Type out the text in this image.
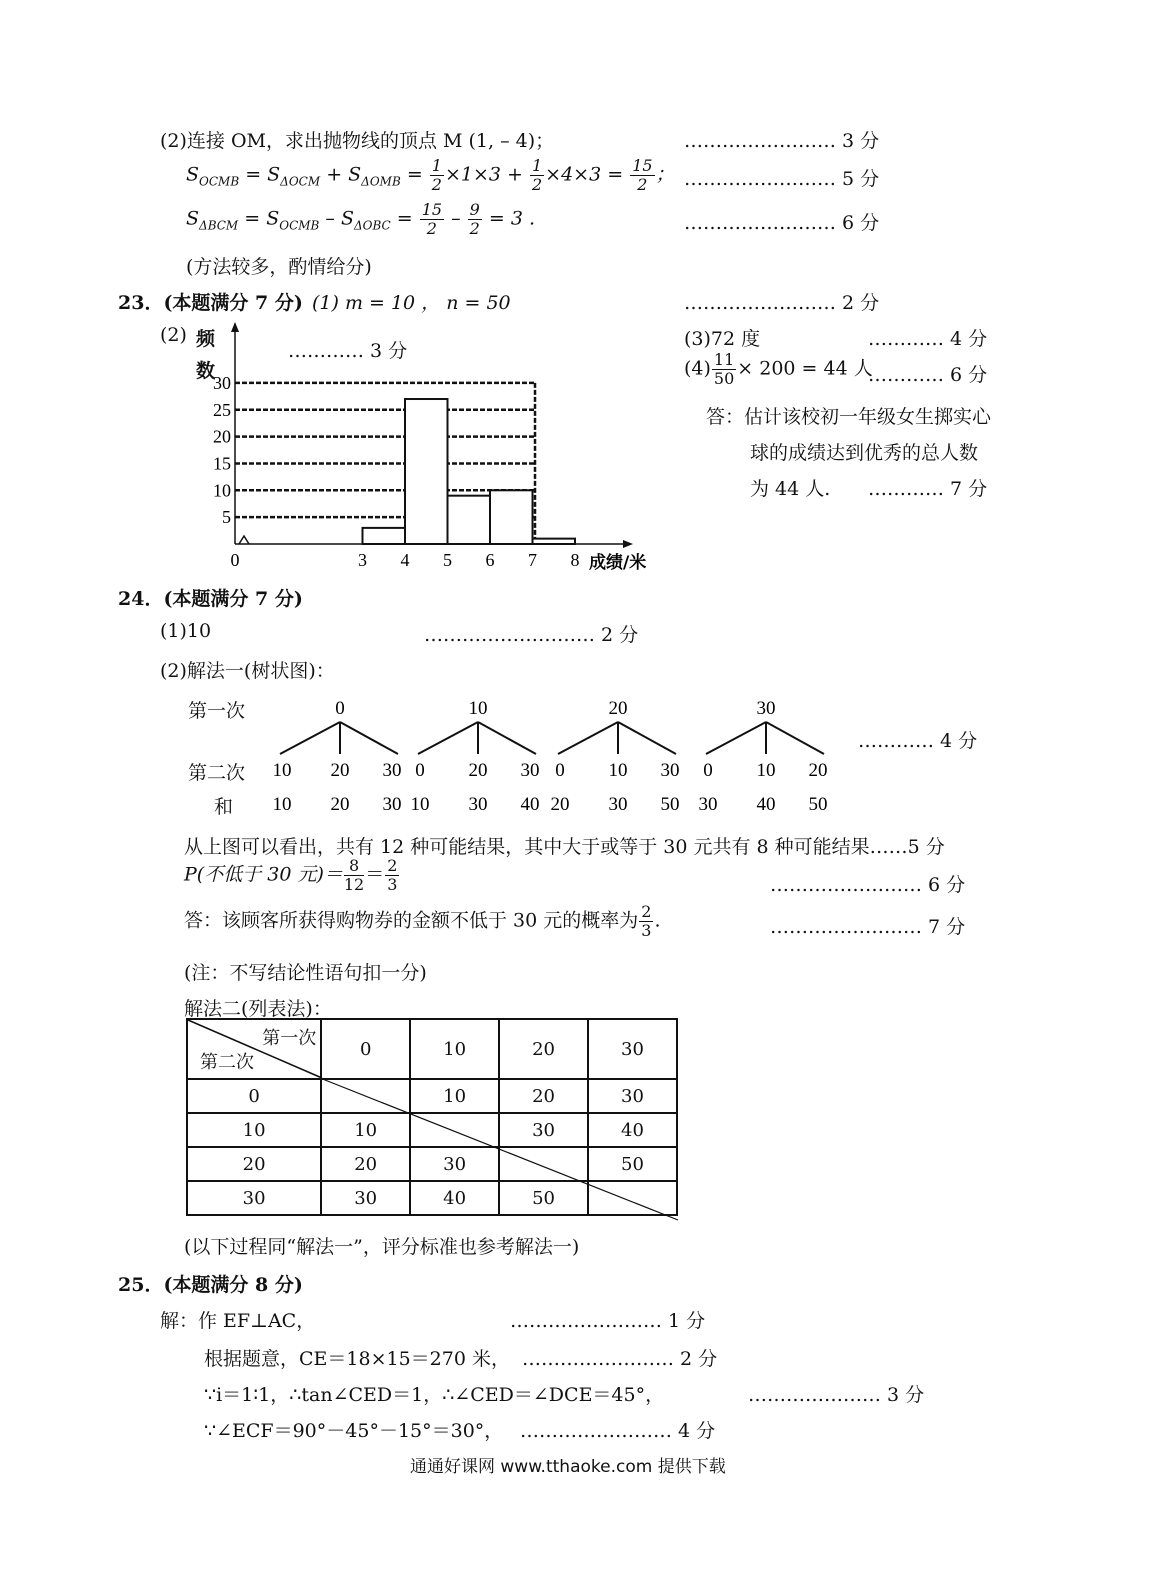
(2)连接 OM，求出抛物线的顶点 M (1, – 4)；	…………………… 3 分
$S_{OCMB} = S_{\Delta OCM} + S_{\Delta OMB} = \frac{1}{2} \times 1\times 3 + \frac{1}{2} \times 4\times 3 = \frac{15}{2}$ ； …………………… 5 分
$S_{\Delta BCM} = S_{OCMB} - S_{\Delta OBC} = \frac{15}{2} - \frac{9}{2} = 3$ .	…………………… 6 分
(方法较多，酌情给分)
23．(本题满分 7 分) (1) m = 10 ， n = 50	…………………… 2 分
(2) 频
数
………… 3 分
5
10
15
20
25
30
0	3 4 5 6 7 8 成绩/米
(3)72 度	………… 4 分
$(4) \frac{11}{50} \times 200 = 44$ 人
………… 6 分
答：估计该校初一年级女生掷实心
球的成绩达到优秀的总人数
为 44 人. ………… 7 分
24．(本题满分 7 分)
(1)10	……………………… 2 分
(2)解法一(树状图)：
第一次
第二次
和
0
10
10
20
20
30
30
10
0
10
20
30
30
40
20
0
20
10
30
30
50
30
0
30
10
40
20
50
………… 4 分
从上图可以看出，共有 12 种可能结果，其中大于或等于 30 元共有 8 种可能结果……5 分
P(不低于 30 元)＝ $\frac{8}{12} = \frac{2}{3}$	…………………… 6 分
答：该顾客所获得购物券的金额不低于 30 元的概率为 $\frac{2}{3}$ .	…………………… 7 分
(注：不写结论性语句扣一分)
解法二(列表法)：
第一次
第二次	0	10	20	30
0		10	20	30
10	10		30	40
20	20	30		50
30	30	40	50	
(以下过程同“解法一”，评分标准也参考解法一)
25．(本题满分 8 分)
解：作 EF⊥AC，	…………………… 1 分
根据题意，CE＝18×15＝270 米， …………………… 2 分
∵i＝1∶1，∴tan∠CED＝1，∴∠CED＝∠DCE＝45°，	………………… 3 分
∵∠ECF＝90°－45°－15°＝30°， …………………… 4 分
通通好课网 www.tthaoke.com 提供下载
